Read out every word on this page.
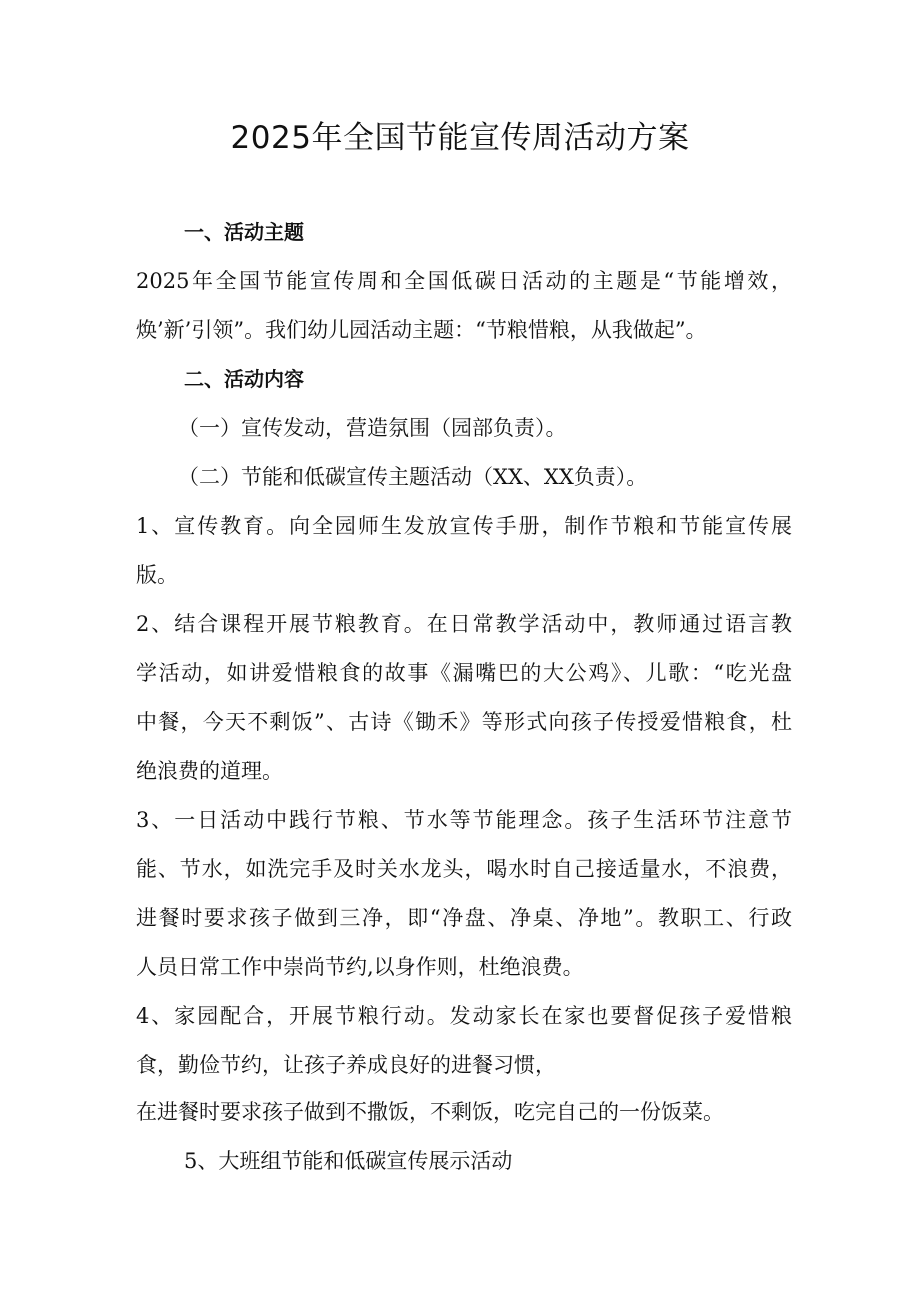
2025年全国节能宣传周活动方案

一、活动主题

2025年全国节能宣传周和全国低碳日活动的主题是“节能增效，

焕’新’引领”。我们幼儿园活动主题：“节粮惜粮，从我做起”。

二、活动内容

（一）宣传发动，营造氛围（园部负责）。

（二）节能和低碳宣传主题活动（XX、XX负责）。

1、宣传教育。向全园师生发放宣传手册，制作节粮和节能宣传展

版。

2、结合课程开展节粮教育。在日常教学活动中，教师通过语言教

学活动，如讲爱惜粮食的故事《漏嘴巴的大公鸡》、儿歌：“吃光盘

中餐，今天不剩饭”、古诗《锄禾》等形式向孩子传授爱惜粮食，杜

绝浪费的道理。

3、一日活动中践行节粮、节水等节能理念。孩子生活环节注意节

能、节水，如洗完手及时关水龙头，喝水时自己接适量水，不浪费，

进餐时要求孩子做到三净，即“净盘、净桌、净地”。教职工、行政

人员日常工作中崇尚节约,以身作则，杜绝浪费。

4、家园配合，开展节粮行动。发动家长在家也要督促孩子爱惜粮

食，勤俭节约，让孩子养成良好的进餐习惯，

在进餐时要求孩子做到不撒饭，不剩饭，吃完自己的一份饭菜。

5、大班组节能和低碳宣传展示活动
